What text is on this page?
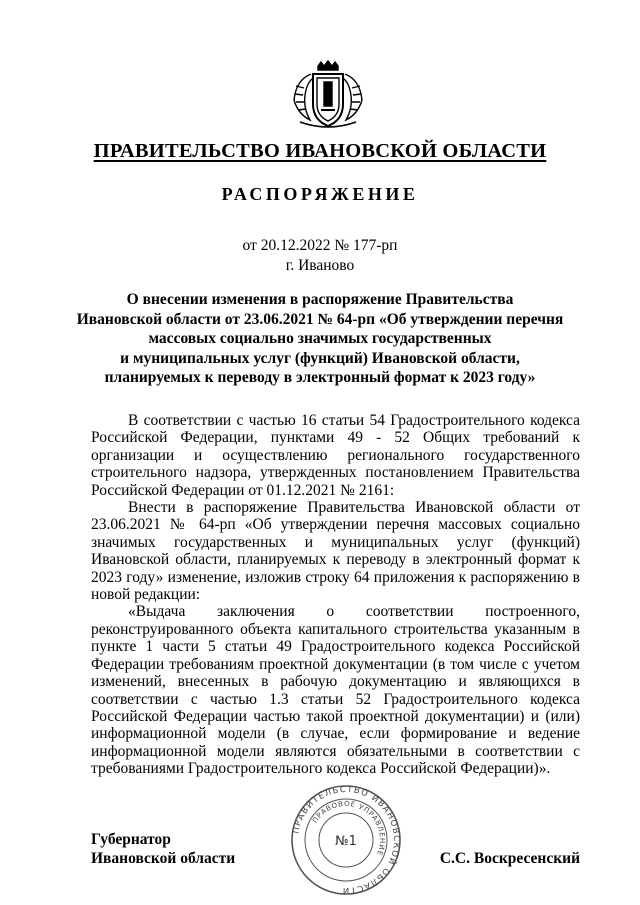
ПРАВИТЕЛЬСТВО ИВАНОВСКОЙ ОБЛАСТИ
РАСПОРЯЖЕНИЕ
от 20.12.2022 № 177-рп
г. Иваново
О внесении изменения в распоряжение Правительства
Ивановской области от 23.06.2021 № 64-рп «Об утверждении перечня
массовых социально значимых государственных
и муниципальных услуг (функций) Ивановской области,
планируемых к переводу в электронный формат к 2023 году»

В соответствии с частью 16 статьи 54 Градостроительного кодекса Российской Федерации, пунктами 49 - 52 Общих требований к организации и осуществлению регионального государственного строительного надзора, утвержденных постановлением Правительства Российской Федерации от 01.12.2021 № 2161:

Внести в распоряжение Правительства Ивановской области от 23.06.2021 № 64-рп «Об утверждении перечня массовых социально значимых государственных и муниципальных услуг (функций) Ивановской области, планируемых к переводу в электронный формат к 2023 году» изменение, изложив строку 64 приложения к распоряжению в новой редакции:

«Выдача заключения о соответствии построенного, реконструированного объекта капитального строительства указанным в пункте 1 части 5 статьи 49 Градостроительного кодекса Российской Федерации требованиям проектной документации (в том числе с учетом изменений, внесенных в рабочую документацию и являющихся в соответствии с частью 1.3 статьи 52 Градостроительного кодекса Российской Федерации частью такой проектной документации) и (или) информационной модели (в случае, если формирование и ведение информационной модели являются обязательными в соответствии с требованиями Градостроительного кодекса Российской Федерации)».

ПРАВИТЕЛЬСТВО ИВАНОВСКОЙ ОБЛАСТИ
ПРАВОВОЕ УПРАВЛЕНИЕ
№1
Губернатор
Ивановской области	С.С. Воскресенский
